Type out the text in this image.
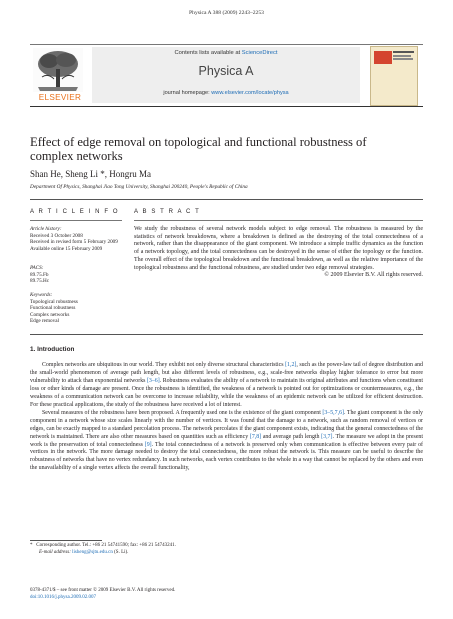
Physica A 388 (2009) 2243–2253
ELSEVIER
Contents lists available at ScienceDirect
Physica A
journal homepage: www.elsevier.com/locate/physa
Effect of edge removal on topological and functional robustness of complex networks
Shan He, Sheng Li *, Hongru Ma
Department Of Physics, Shanghai Jiao Tong University, Shanghai 200240, People's Republic of China
A R T I C L E I N F O A B S T R A C T
Article history:
Received 3 October 2008
Received in revised form 5 February 2009
Available online 15 February 2009
PACS:
89.75.Fb
89.75.Hc
Keywords:
Topological robustness
Functional robustness
Complex networks
Edge removal
We study the robustness of several network models subject to edge removal. The robustness is measured by the statistics of network breakdowns, where a breakdown is defined as the destroying of the total connectedness of a network, rather than the disappearance of the giant component. We introduce a simple traffic dynamics as the function of a network topology, and the total connectedness can be destroyed in the sense of either the topology or the function. The overall effect of the topological breakdown and the functional breakdown, as well as the relative importance of the topological robustness and the functional robustness, are studied under two edge removal strategies.
© 2009 Elsevier B.V. All rights reserved.
1. Introduction

Complex networks are ubiquitous in our world. They exhibit not only diverse structural characteristics [1,2], such as the power-law tail of degree distribution and the small-world phenomenon of average path length, but also different levels of robustness, e.g., scale-free networks display higher tolerance to error but more vulnerability to attack than exponential networks [3–6]. Robustness evaluates the ability of a network to maintain its original attributes and functions when constituent loss or other kinds of damage are present. Once the robustness is identified, the weakness of a network is pointed out for optimizations or countermeasures, e.g., the weakness of a communication network can be overcome to increase reliability, while the weakness of an epidemic network can be utilized for efficient destruction. For these practical applications, the study of the robustness have received a lot of interest.

Several measures of the robustness have been proposed. A frequently used one is the existence of the giant component [3–5,7,6]. The giant component is the only component in a network whose size scales linearly with the number of vertices. It was found that the damage to a network, such as random removal of vertices or edges, can be exactly mapped to a standard percolation process. The network percolates if the giant component exists, indicating that the general connectedness of the network is maintained. There are also other measures based on quantities such as efficiency [7,8] and average path length [3,7]. The measure we adopt in the present work is the preservation of total connectedness [9]. The total connectedness of a network is preserved only when communication is effective between every pair of vertices in the network. The more damage needed to destroy the total connectedness, the more robust the network is. This measure can be useful to describe the robustness of networks that have no vertex redundancy. In such networks, each vertex contributes to the whole in a way that cannot be replaced by the others and even the unavailability of a single vertex affects the overall functionality,

* Corresponding author. Tel.: +86 21 54741590; fax: +86 21 54743241.
E-mail address: lisheng@sjtu.edu.cn (S. Li).
0378-4371/$ – see front matter © 2009 Elsevier B.V. All rights reserved.
doi:10.1016/j.physa.2009.02.007
